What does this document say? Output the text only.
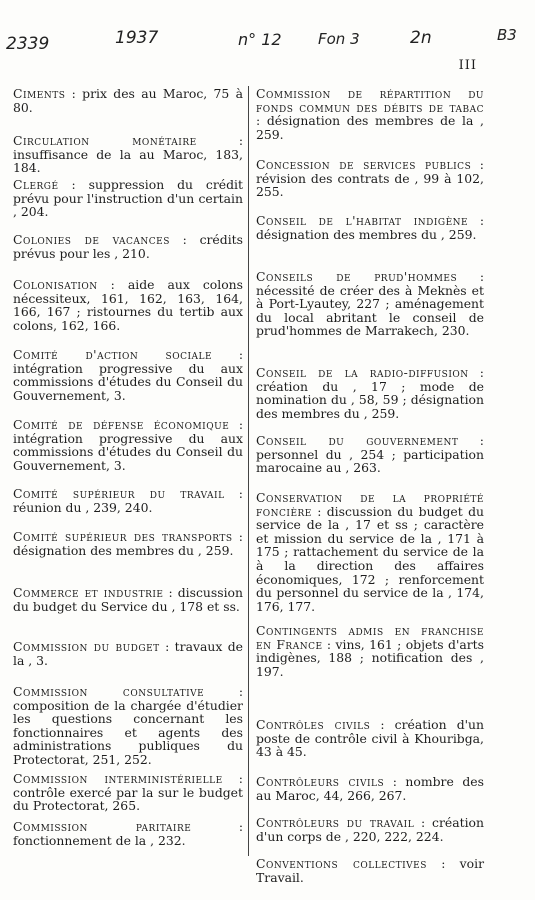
2339	1937	n° 12 Fon 3	2n	B3
III
Ciments : prix des au Maroc, 75 à 80.
Circulation monétaire : insuffisance de la au Maroc, 183, 184.
Clergé : suppression du crédit prévu pour l'instruction d'un certain , 204.
Colonies de vacances : crédits prévus pour les , 210.
Colonisation : aide aux colons nécessiteux, 161, 162, 163, 164, 166, 167 ; ristournes du tertib aux colons, 162, 166.
Comité d'action sociale : intégration progressive du aux commissions d'études du Conseil du Gouvernement, 3.
Comité de défense économique : intégration progressive du aux commissions d'études du Conseil du Gouvernement, 3.
Comité supérieur du travail : réunion du , 239, 240.
Comité supérieur des transports : désignation des membres du , 259.
Commerce et industrie : discussion du budget du Service du , 178 et ss.
Commission du budget : travaux de la , 3.
Commission consultative : composition de la chargée d'étudier les questions concernant les fonctionnaires et agents des administrations publiques du Protectorat, 251, 252.
Commission interministérielle : contrôle exercé par la sur le budget du Protectorat, 265.
Commission paritaire : fonctionnement de la , 232.
Commission de répartition du fonds commun des débits de tabac : désignation des membres de la , 259.
Concession de services publics : révision des contrats de , 99 à 102, 255.
Conseil de l'habitat indigène : désignation des membres du , 259.
Conseils de prud'hommes : nécessité de créer des à Meknès et à Port-Lyautey, 227 ; aménagement du local abritant le conseil de prud'hommes de Marrakech, 230.
Conseil de la radio-diffusion : création du , 17 ; mode de nomination du , 58, 59 ; désignation des membres du , 259.
Conseil du gouvernement : personnel du , 254 ; participation marocaine au , 263.
Conservation de la propriété foncière : discussion du budget du service de la , 17 et ss ; caractère et mission du service de la , 171 à 175 ; rattachement du service de la à la direction des affaires économiques, 172 ; renforcement du personnel du service de la , 174, 176, 177.
Contingents admis en franchise en France : vins, 161 ; objets d'arts indigènes, 188 ; notification des , 197.
Contrôles civils : création d'un poste de contrôle civil à Khouribga, 43 à 45.
Contrôleurs civils : nombre des au Maroc, 44, 266, 267.
Contrôleurs du travail : création d'un corps de , 220, 222, 224.
Conventions collectives : voir Travail.
